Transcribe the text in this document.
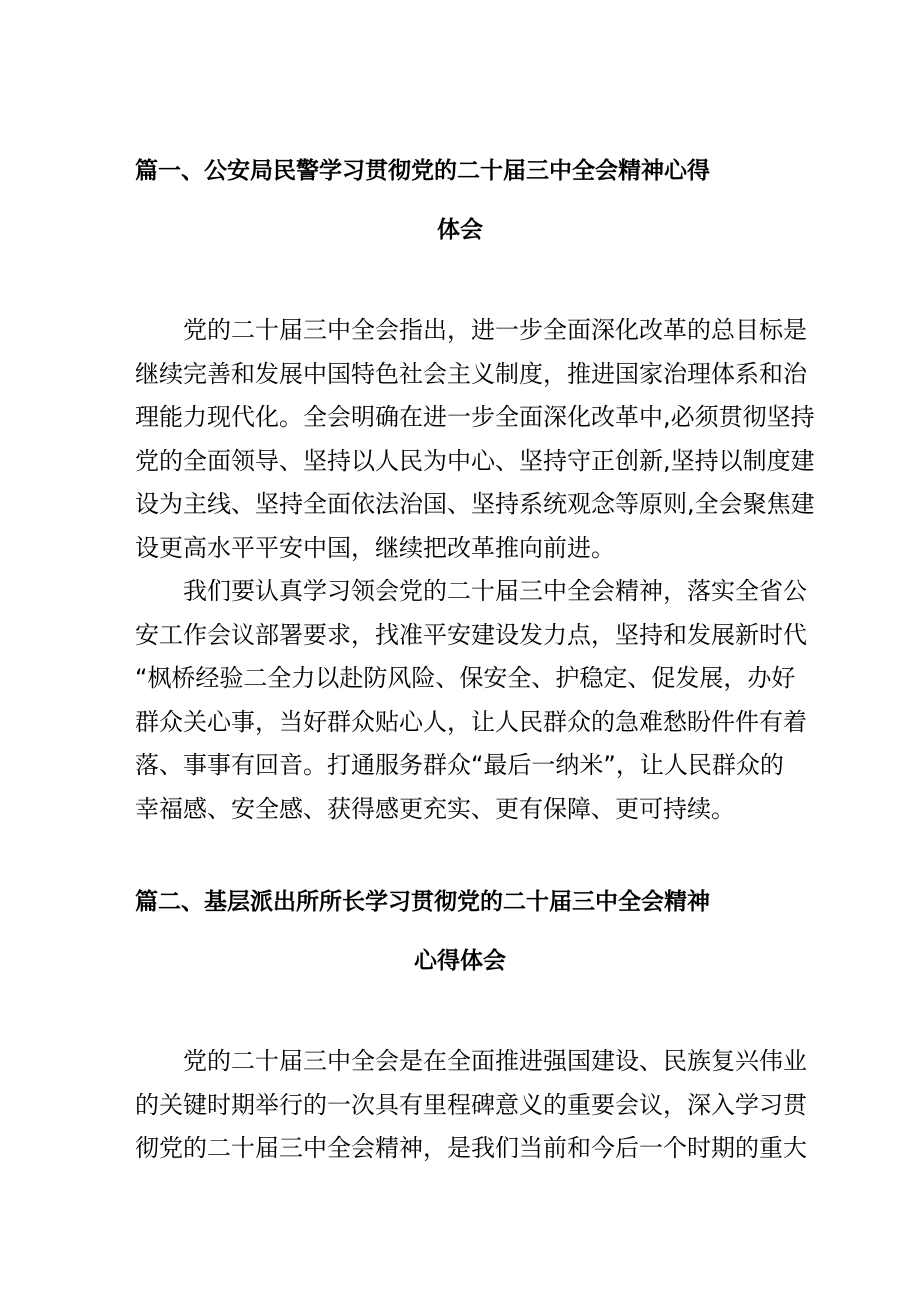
篇一、公安局民警学习贯彻党的二十届三中全会精神心得
体会
党的二十届三中全会指出，进一步全面深化改革的总目标是
继续完善和发展中国特色社会主义制度，推进国家治理体系和治
理能力现代化。全会明确在进一步全面深化改革中,必须贯彻坚持
党的全面领导、坚持以人民为中心、坚持守正创新,坚持以制度建
设为主线、坚持全面依法治国、坚持系统观念等原则,全会聚焦建
设更高水平平安中国，继续把改革推向前进。
我们要认真学习领会党的二十届三中全会精神，落实全省公
安工作会议部署要求，找准平安建设发力点，坚持和发展新时代
“枫桥经验二全力以赴防风险、保安全、护稳定、促发展，办好
群众关心事，当好群众贴心人，让人民群众的急难愁盼件件有着
落、事事有回音。打通服务群众“最后一纳米”，让人民群众的
幸福感、安全感、获得感更充实、更有保障、更可持续。
篇二、基层派出所所长学习贯彻党的二十届三中全会精神
心得体会
党的二十届三中全会是在全面推进强国建设、民族复兴伟业
的关键时期举行的一次具有里程碑意义的重要会议，深入学习贯
彻党的二十届三中全会精神，是我们当前和今后一个时期的重大
